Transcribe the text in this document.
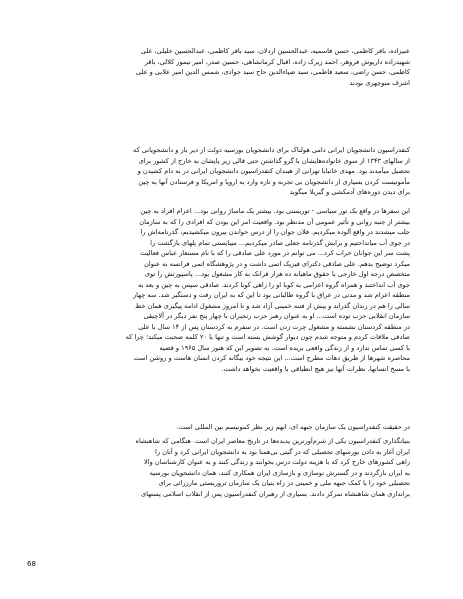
عنیزاده، باقر کاظمی، حسن قاسمیه، عبدالحسین اردلان، سید باقر کاظمی، عبدالحسین خلیلی، علی
شهیدزاده داریوش فروهر، احمد زیرک زاده، اقبال کرمانشاهی، حسین صدر، امیر تیمور کلالی، باقر
کاظمی، حسن راضی، سعید فاطمی، سید ضیاءالدین حاج سید جوادی، شمس الدین امیر علایی و علی
اشرف منوچهری بودند
کنفدراسیون دانشجویان ایرانی دامی هولناک برای دانشجویان بورسیه دولت از دیر باز و دانشجویانی که
از سالهای ۱۳۴۳ از سوی خانواده‌هایشان با گرو گذاشتن حتی قالی زیر پایشان به خارج از کشور برای
تحصیل میآمدند بود. مهدی خانبابا تهرانی از هیندان کنفدراسیون دانشجویان ایرانی در به دام کشیدن و
مأموتیست کردن بسیاری از دانشجویان بی تجربه و تازه وارد به اروپا و امریکا و فرستادن آنها به چین
برای دیدن دوره‌های آدمکشی و گیریلا میگوید
این سفرها در واقع یک تور سیاسی - توریستی بود. بیشتر یک ماساژ روانی بود... اعزام افراد به چین
بیشتر از جنبه روانی و تأثیر عمومی آن مدنظر بود. واقعیت امر این بودن که افرادی را که به سازمان
جلب میشدند در واقع آلوده میکردیم. فلان جوان را از درس خواندن بیرون میکشیدیم، گذرنامه‌اش را
در جوی آب میانداختیم و برایش گذرنامه جعلی صادر میکردیم... میبایستی تمام پلهای بازگشت را
پشت سر این جوانان خراب کرد... می توانم در مورد علی صادقی را که با نام مستعار عباس فعالیت
میکرد توضیح بدهم. علی صادقی دکترای فیزیک اتمی داشت و در پژوهشگاه اتمی فرانسه به عنوان
متخصص درجه اول خارجی با حقوق ماهیانه ده هزار فرانک به کار مشغول بود... پاسپورتش را توی
جوی آب انداختند و همراه گروه اعزامی به کوبا او را راهی کوبا کردند. صادقی سپس به چین و بعد به
منطقه اعزام شد و مدتی در عراق با گروه طالبانی بود تا این که به ایران رفت و دستگیر شد. سه چهار
سالی را هم در زندان گذراند و پیش از فتنه خمینی آزاد شد و تا امروز مشغول ادامه پیگیری همان خط
سازمان انقلابی حزب توده است... او به عنوان رهبر حزب رنجبران با چهار پنج نفر دیگر در آلاچیقی
در منطقه کردستان نشسته و مشغول چرت زدن است. در سفرم به کردستان پس از ۱۴ سال با علی
صادقی ملاقات کردم و متوجه شدم چون دیوار گوشش بسته است و تنها با ۲۰ کلمه صحبت میکند؛ چرا که
با کسی تماس ندارد و از زندگی واقعی بریده است. به تصویر این که هنوز سال ۱۹۶۵ و قضیه
محاصره شهرها از طریق دهات مطرح است... این نتیجه خود بیگانه کردن انسان هاست و روشن است
با مسخ انسانها، نظرات آنها نیز هیچ انطباقی با واقعیت نخواهد داشت.
در حقیقت کنفدراسیون یک سازمان جبهه ای، انهم زیر نظر کمونیسم بین المللی است.
بنیانگذاری کنفدراسیون یکی از شرم‌آورترین پدیده‌ها در تاریخ معاصر ایران است. هنگامی که شاهنشاه
ایران آغاز به دادن بورسهای تحصیلی که در گیتی بی‌همتا بود به دانشجویان ایرانی کرد و آنان را
راهی کشورهای خارج کرد که با هزینه دولت درس بخوانند و زندگی کنند و به عنوان کارشناسان والا
به ایران بازگردند و در گسترش نوسازی و بازسازی ایران همکاری کنند، همان دانشجویان بورسیه
تحصیلی خود را با کمک جبهه ملی و خمینی در راه بنیان یک سازمان تروریستی مارزرائی برای
براندازی همان شاهنشاه تمرکز دادند. بسیاری از رهبران کنفدراسیون پس از انقلاب اسلامی پستهای
68
